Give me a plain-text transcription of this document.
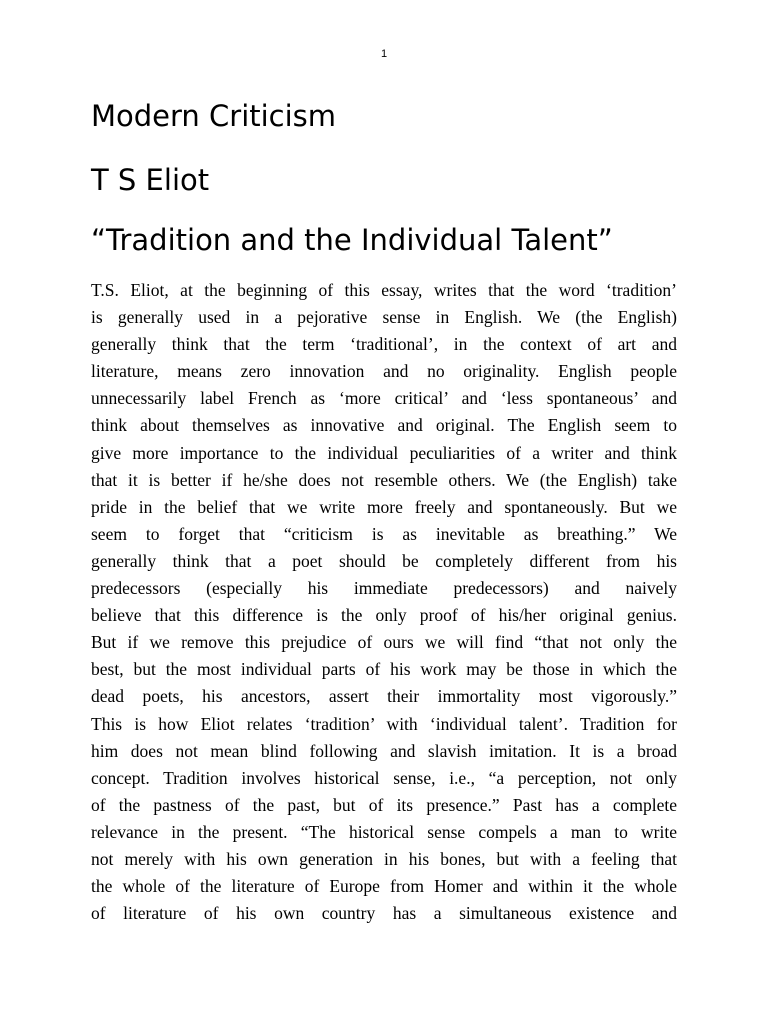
1
Modern Criticism
T S Eliot
“Tradition and the Individual Talent”
T.S. Eliot, at the beginning of this essay, writes that the word ‘tradition’
is generally used in a pejorative sense in English. We (the English)
generally think that the term ‘traditional’, in the context of art and
literature, means zero innovation and no originality. English people
unnecessarily label French as ‘more critical’ and ‘less spontaneous’ and
think about themselves as innovative and original. The English seem to
give more importance to the individual peculiarities of a writer and think
that it is better if he/she does not resemble others. We (the English) take
pride in the belief that we write more freely and spontaneously. But we
seem to forget that “criticism is as inevitable as breathing.” We
generally think that a poet should be completely different from his
predecessors (especially his immediate predecessors) and naively
believe that this difference is the only proof of his/her original genius.
But if we remove this prejudice of ours we will find “that not only the
best, but the most individual parts of his work may be those in which the
dead poets, his ancestors, assert their immortality most vigorously.”
This is how Eliot relates ‘tradition’ with ‘individual talent’. Tradition for
him does not mean blind following and slavish imitation. It is a broad
concept. Tradition involves historical sense, i.e., “a perception, not only
of the pastness of the past, but of its presence.” Past has a complete
relevance in the present. “The historical sense compels a man to write
not merely with his own generation in his bones, but with a feeling that
the whole of the literature of Europe from Homer and within it the whole
of literature of his own country has a simultaneous existence and
